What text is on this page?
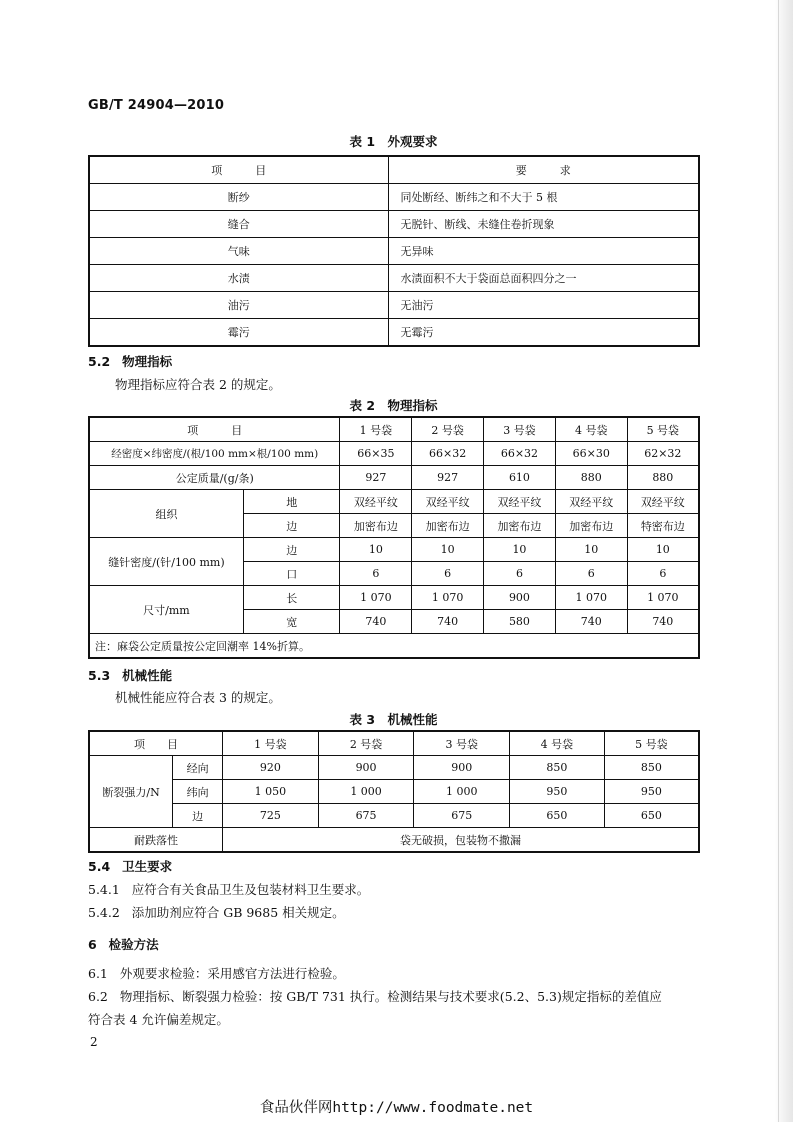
GB/T 24904—2010
表 1　外观要求
项　　　目	要　　　求
断纱	同处断经、断纬之和不大于 5 根
缝合	无脱针、断线、未缝住卷折现象
气味	无异味
水渍	水渍面积不大于袋面总面积四分之一
油污	无油污
霉污	无霉污
5.2 物理指标
物理指标应符合表 2 的规定。
表 2　物理指标
项　　　目		1 号袋	2 号袋	3 号袋	4 号袋	5 号袋
经密度×纬密度/(根/100 mm×根/100 mm)		66×35	66×32	66×32	66×30	62×32
公定质量/(g/条)		927	927	610	880	880
组织	地	双经平纹	双经平纹	双经平纹	双经平纹	双经平纹
	边	加密布边	加密布边	加密布边	加密布边	特密布边
缝针密度/(针/100 mm)	边	10	10	10	10	10
	口	6	6	6	6	6
尺寸/mm	长	1 070	1 070	900	1 070	1 070
	宽	740	740	580	740	740
注：麻袋公定质量按公定回潮率 14%折算。						
5.3 机械性能
机械性能应符合表 3 的规定。
表 3　机械性能
项　　目		1 号袋	2 号袋	3 号袋	4 号袋	5 号袋
断裂强力/N	经向	920	900	900	850	850
	纬向	1 050	1 000	1 000	950	950
	边	725	675	675	650	650
耐跌落性		袋无破损，包装物不撒漏				
5.4 卫生要求
5.4.1 应符合有关食品卫生及包装材料卫生要求。
5.4.2 添加助剂应符合 GB 9685 相关规定。
6 检验方法
6.1 外观要求检验：采用感官方法进行检验。
6.2 物理指标、断裂强力检验：按 GB/T 731 执行。检测结果与技术要求(5.2、5.3)规定指标的差值应
符合表 4 允许偏差规定。
2
食品伙伴网http://www.foodmate.net
